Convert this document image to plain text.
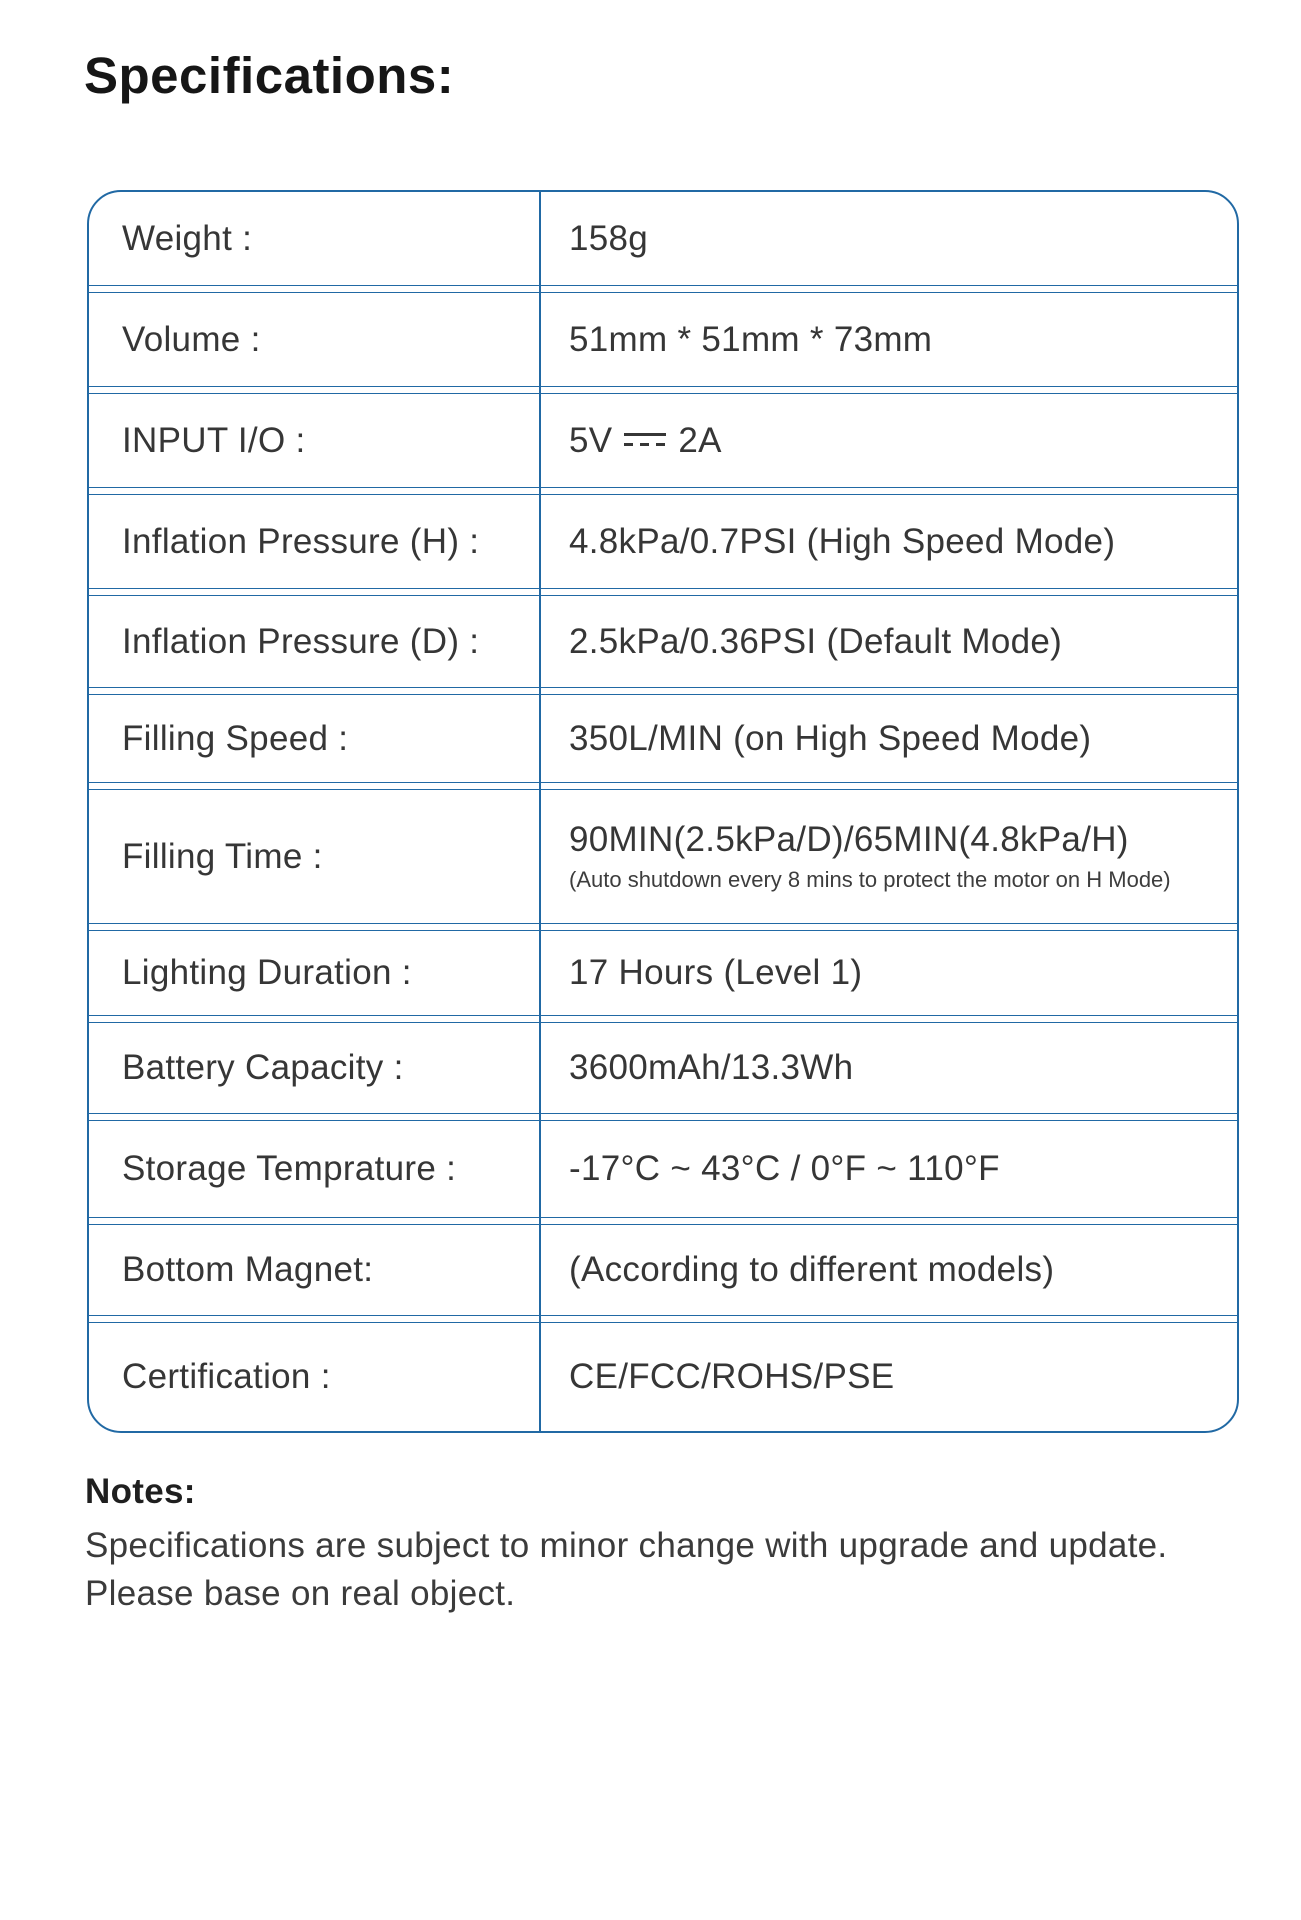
Specifications:
Weight :	158g
Volume :	51mm * 51mm * 73mm
INPUT I/O :	5V 2A
Inflation Pressure (H) :	4.8kPa/0.7PSI (High Speed Mode)
Inflation Pressure (D) :	2.5kPa/0.36PSI (Default Mode)
Filling Speed :	350L/MIN (on High Speed Mode)
Filling Time :	90MIN(2.5kPa/D)/65MIN(4.8kPa/H)
(Auto shutdown every 8 mins to protect the motor on H Mode)
Lighting Duration :	17 Hours (Level 1)
Battery Capacity :	3600mAh/13.3Wh
Storage Temprature :	-17°C ~ 43°C / 0°F ~ 110°F
Bottom Magnet:	(According to different models)
Certification :	CE/FCC/ROHS/PSE
Notes:
Specifications are subject to minor change with upgrade and update. Please base on real object.
